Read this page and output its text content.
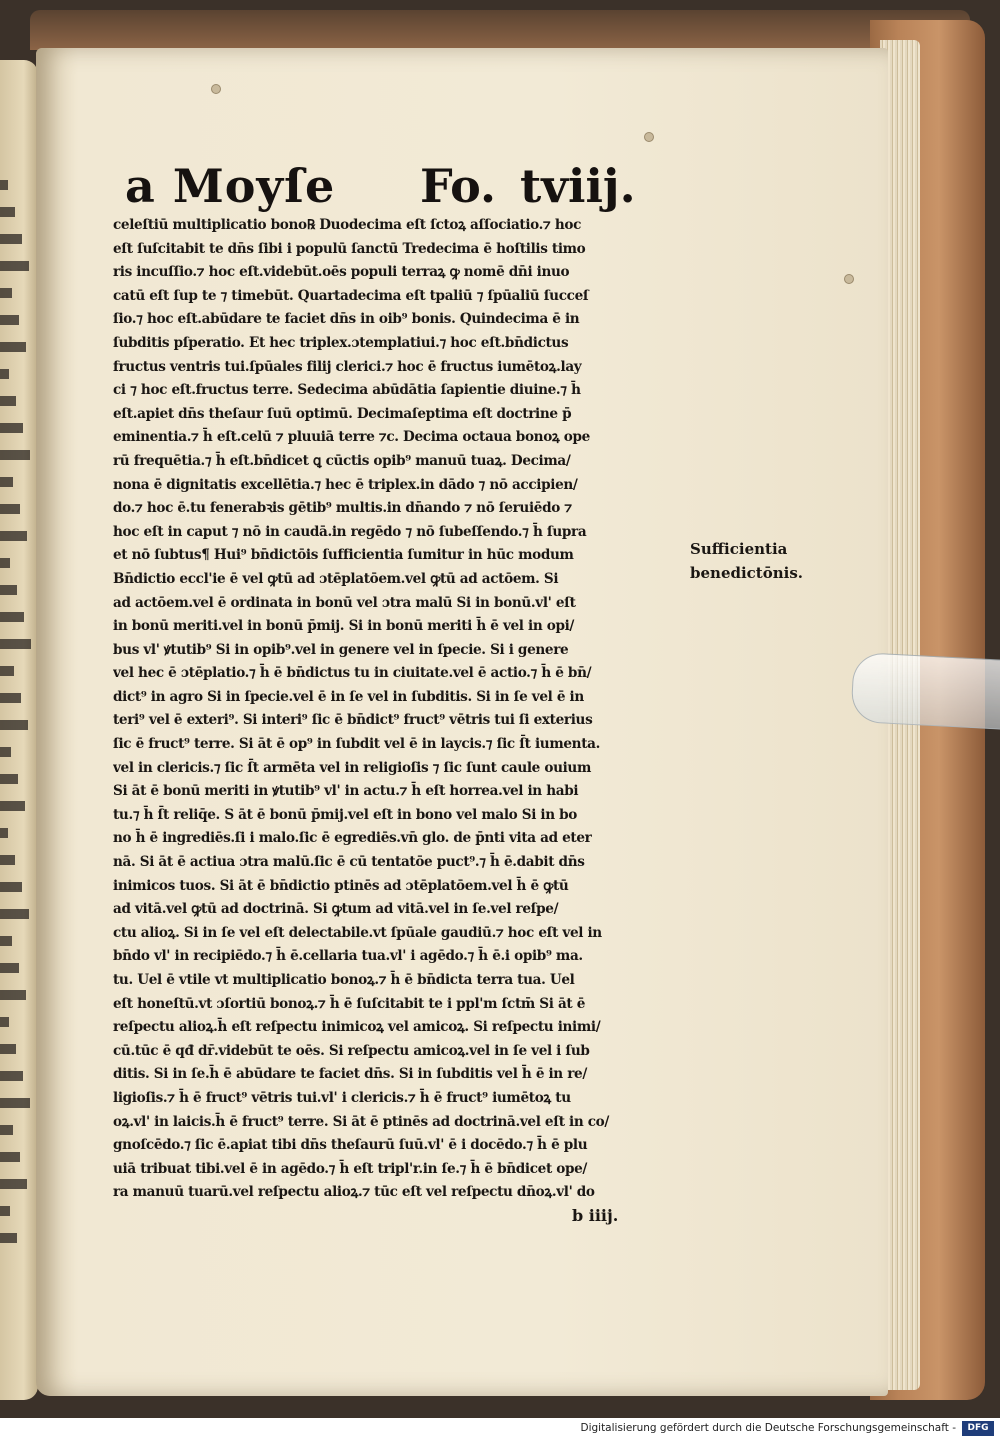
a Moyſe Fo. tviij.
celeſtiū multiplicatio bono℞ Duodecima eſt ſctoꝝ aſſociatio.⁊ hoc
eſt ſuſcitabit te dn̄s ſibi i populū ſanctū Tredecima ē hoſtilis timo
ris incuſſio.⁊ hoc eſt.videbūt.oēs populi terraꝝ ꝙ nomē dn̄i inuo
catū eſt ſup te ⁊ timebūt. Quartadecima eſt tpaliū ⁊ ſpūaliū ſucceſ
ſio.⁊ hoc eſt.abūdare te faciet dn̄s in oib⁹ bonis. Quindecima ē in
ſubditis pſperatio. Et hec triplex.ɔtemplatiui.⁊ hoc eſt.bn̄dictus
fructus ventris tui.ſpūales filij clerici.⁊ hoc ē fructus iumētoꝝ.lay
ci ⁊ hoc eſt.fructus terre. Sedecima abūdātia ſapientie diuine.⁊ h̄
eſt.apiet dn̄s theſaur ſuū optimū. Decimaſeptima eſt doctrine p̄
eminentia.⁊ h̄ eſt.celū ⁊ pluuiā terre ⁊c. Decima octaua bonoꝝ ope
rū frequētia.⁊ h̄ eſt.bn̄dicet ꝗ cūctis opib⁹ manuū tuaꝝ. Decima/
nona ē dignitatis excellētia.⁊ hec ē triplex.in dādo ⁊ nō accipien/
do.⁊ hoc ē.tu fenerabꝛis gētib⁹ multis.in dn̄ando ⁊ nō ſeruiēdo ⁊
hoc eſt in caput ⁊ nō in caudā.in regēdo ⁊ nō ſubeſſendo.⁊ h̄ ſupra
et nō ſubtus¶ Hui⁹ bn̄dictōis ſufficientia ſumitur in hūc modum
Bn̄dictio eccl'ie ē vel ꝙtū ad ɔtēplatōem.vel ꝙtū ad actōem. Si
ad actōem.vel ē ordinata in bonū vel ɔtra malū Si in bonū.vl' eſt
in bonū meriti.vel in bonū p̄mij. Si in bonū meriti h̄ ē vel in opi/
bus vl' ꝟtutib⁹ Si in opib⁹.vel in genere vel in ſpecie. Si i genere
vel hec ē ɔtēplatio.⁊ h̄ ē bn̄dictus tu in ciuitate.vel ē actio.⁊ h̄ ē bn̄/
dict⁹ in agro Si in ſpecie.vel ē in ſe vel in ſubditis. Si in ſe vel ē in
teri⁹ vel ē exteri⁹. Si interi⁹ ſic ē bn̄dict⁹ fruct⁹ vētris tui ſi exterius
ſic ē fruct⁹ terre. Si āt ē op⁹ in ſubdit vel ē in laycis.⁊ ſic ſ̄t iumenta.
vel in clericis.⁊ ſic ſ̄t armēta vel in religioſis ⁊ ſic ſunt caule ouium
Si āt ē bonū meriti in ꝟtutib⁹ vl' in actu.⁊ h̄ eſt horrea.vel in habi
tu.⁊ h̄ ſ̄t reliq̄e. S āt ē bonū p̄mij.vel eſt in bono vel malo Si in bo
no h̄ ē ingrediēs.ſi i malo.ſic ē egrediēs.vn̄ glo. de p̄nti vita ad eter
nā. Si āt ē actiua ɔtra malū.ſic ē cū tentatōe puct⁹.⁊ h̄ ē.dabit dn̄s
inimicos tuos. Si āt ē bn̄dictio ptinēs ad ɔtēplatōem.vel h̄ ē ꝙtū
ad vitā.vel ꝙtū ad doctrinā. Si ꝙtum ad vitā.vel in ſe.vel reſpe/
ctu alioꝝ. Si in ſe vel eſt delectabile.vt ſpūale gaudiū.⁊ hoc eſt vel in
bn̄do vl' in recipiēdo.⁊ h̄ ē.cellaria tua.vl' i agēdo.⁊ h̄ ē.i opib⁹ ma.
tu. Uel ē vtile vt multiplicatio bonoꝝ.⁊ h̄ ē bn̄dicta terra tua. Uel
eſt honeſtū.vt ɔſortiū bonoꝝ.⁊ h̄ ē ſuſcitabit te i ppl'm ſctm̄ Si āt ē
reſpectu alioꝝ.h̄ eſt reſpectu inimicoꝝ vel amicoꝝ. Si reſpectu inimi/
cū.tūc ē qđ dr̄.videbūt te oēs. Si reſpectu amicoꝝ.vel in ſe vel i ſub
ditis. Si in ſe.h̄ ē abūdare te faciet dn̄s. Si in ſubditis vel h̄ ē in re/
ligioſis.⁊ h̄ ē fruct⁹ vētris tui.vl' i clericis.⁊ h̄ ē fruct⁹ iumētoꝝ tu
oꝝ.vl' in laicis.h̄ ē fruct⁹ terre. Si āt ē ptinēs ad doctrinā.vel eſt in co/
gnoſcēdo.⁊ ſic ē.apiat tibi dn̄s theſaurū ſuū.vl' ē i docēdo.⁊ h̄ ē plu
uiā tribuat tibi.vel ē in agēdo.⁊ h̄ eſt tripl'r.in ſe.⁊ h̄ ē bn̄dicet ope/
ra manuū tuarū.vel reſpectu alioꝝ.⁊ tūc eſt vel reſpectu dn̄oꝝ.vl' do
Sufficientia
benedictōnis.
b iiij.
Digitalisierung gefördert durch die Deutsche Forschungsgemeinschaft -	DFG
